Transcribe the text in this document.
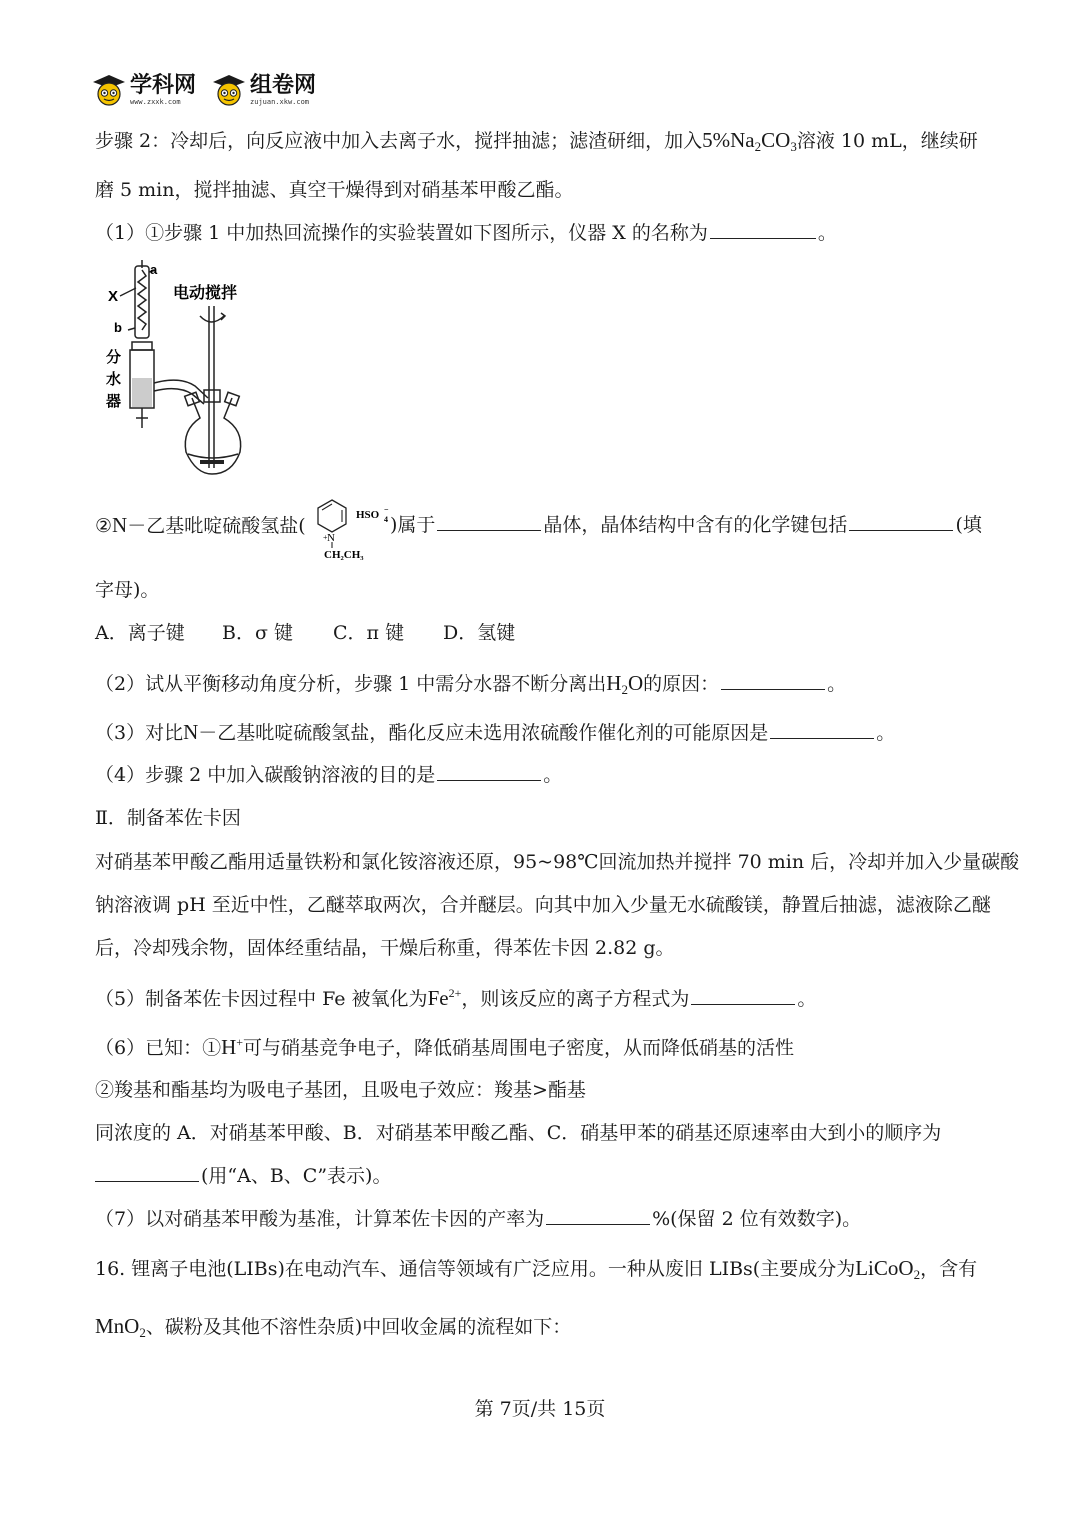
学科网
www.zxxk.com
组卷网
zujuan.xkw.com
步骤 2：冷却后，向反应液中加入去离子水，搅拌抽滤；滤渣研细，加入$5\%Na_2CO_3$溶液 10 mL，继续研
磨 5 min，搅拌抽滤、真空干燥得到对硝基苯甲酸乙酯。
（1）①步骤 1 中加热回流操作的实验装置如下图所示，仪器 X 的名称为	。
a
X
b
分
水
器
电动搅拌
②N－乙基吡啶硫酸氢盐(
N
+
CH₂CH₃
HSO 4
−
)属于	晶体，晶体结构中含有的化学键包括	(填
字母)。
A．离子键 B．σ 键 C．π 键 D．氢键
（2）试从平衡移动角度分析，步骤 1 中需分水器不断分离出$H_2O$的原因：	。
（3）对比N－乙基吡啶硫酸氢盐，酯化反应未选用浓硫酸作催化剂的可能原因是	。
（4）步骤 2 中加入碳酸钠溶液的目的是	。
Ⅱ．制备苯佐卡因
对硝基苯甲酸乙酯用适量铁粉和氯化铵溶液还原，95~98℃回流加热并搅拌 70 min 后，冷却并加入少量碳酸
钠溶液调 pH 至近中性，乙醚萃取两次，合并醚层。向其中加入少量无水硫酸镁，静置后抽滤，滤液除乙醚
后，冷却残余物，固体经重结晶，干燥后称重，得苯佐卡因 2.82 g。
（5）制备苯佐卡因过程中 Fe 被氧化为$Fe^{2+}$，则该反应的离子方程式为	。
（6）已知：①H+可与硝基竞争电子，降低硝基周围电子密度，从而降低硝基的活性
②羧基和酯基均为吸电子基团，且吸电子效应：羧基>酯基
同浓度的 A．对硝基苯甲酸、B．对硝基苯甲酸乙酯、C．硝基甲苯的硝基还原速率由大到小的顺序为
(用“A、B、C”表示)。
（7）以对硝基苯甲酸为基准，计算苯佐卡因的产率为	%(保留 2 位有效数字)。
16. 锂离子电池(LIBs)在电动汽车、通信等领域有广泛应用。一种从废旧 LIBs(主要成分为LiCoO$_2$，含有
MnO$_2$、碳粉及其他不溶性杂质)中回收金属的流程如下：
第 7页/共 15页
